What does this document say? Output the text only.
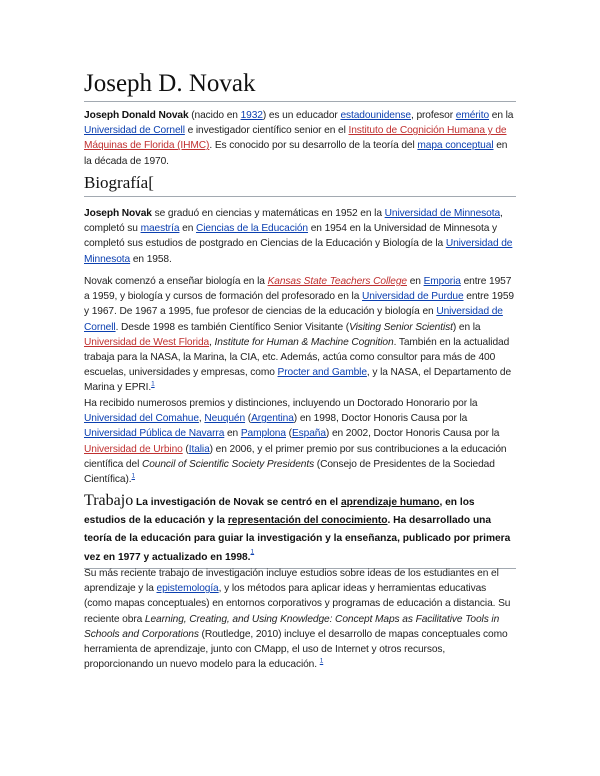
Joseph D. Novak

Joseph Donald Novak (nacido en 1932) es un educador estadounidense, profesor emérito en la Universidad de Cornell e investigador científico senior en el Instituto de Cognición Humana y de Máquinas de Florida (IHMC). Es conocido por su desarrollo de la teoría del mapa conceptual en la década de 1970.

Biografía[

Joseph Novak se graduó en ciencias y matemáticas en 1952 en la Universidad de Minnesota, completó su maestría en Ciencias de la Educación en 1954 en la Universidad de Minnesota y completó sus estudios de postgrado en Ciencias de la Educación y Biología de la Universidad de Minnesota en 1958.

Novak comenzó a enseñar biología en la Kansas State Teachers College en Emporia entre 1957 a 1959, y biología y cursos de formación del profesorado en la Universidad de Purdue entre 1959 y 1967. De 1967 a 1995, fue profesor de ciencias de la educación y biología en Universidad de Cornell. Desde 1998 es también Científico Senior Visitante (Visiting Senior Scientist) en la Universidad de West Florida, Institute for Human & Machine Cognition. También en la actualidad trabaja para la NASA, la Marina, la CIA, etc. Además, actúa como consultor para más de 400 escuelas, universidades y empresas, como Procter and Gamble, y la NASA, el Departamento de Marina y EPRI.$^1$

Ha recibido numerosos premios y distinciones, incluyendo un Doctorado Honorario por la Universidad del Comahue, Neuquén (Argentina) en 1998, Doctor Honoris Causa por la Universidad Pública de Navarra en Pamplona (España) en 2002, Doctor Honoris Causa por la Universidad de Urbino (Italia) en 2006, y el primer premio por sus contribuciones a la educación científica del Council of Scientific Society Presidents (Consejo de Presidentes de la Sociedad Científica).$^1$

Trabajo La investigación de Novak se centró en el aprendizaje humano, en los estudios de la educación y la representación del conocimiento. Ha desarrollado una teoría de la educación para guiar la investigación y la enseñanza, publicado por primera vez en 1977 y actualizado en 1998.$^1$

Su más reciente trabajo de investigación incluye estudios sobre ideas de los estudiantes en el aprendizaje y la epistemología, y los métodos para aplicar ideas y herramientas educativas (como mapas conceptuales) en entornos corporativos y programas de educación a distancia. Su reciente obra Learning, Creating, and Using Knowledge: Concept Maps as Facilitative Tools in Schools and Corporations (Routledge, 2010) incluye el desarrollo de mapas conceptuales como herramienta de aprendizaje, junto con CMapp, el uso de Internet y otros recursos, proporcionando un nuevo modelo para la educación. $^1$
